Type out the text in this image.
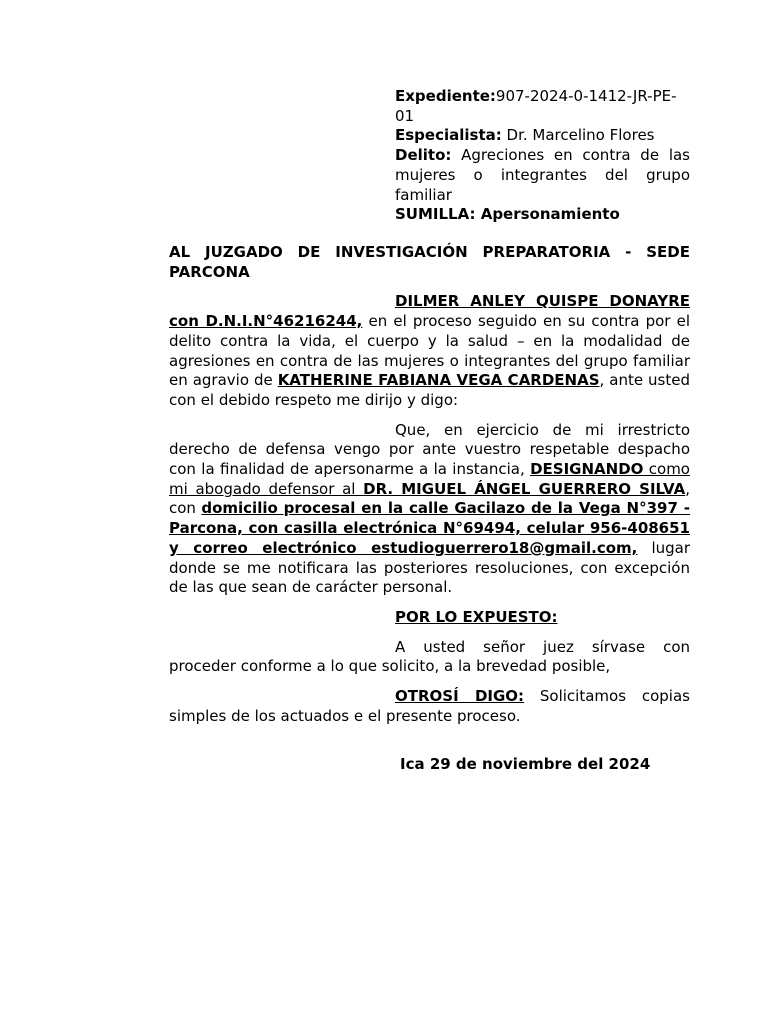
Expediente:907-2024-0-1412-JR-PE-01

Especialista: Dr. Marcelino Flores

Delito: Agreciones en contra de las mujeres o integrantes del grupo familiar

SUMILLA: Apersonamiento

AL JUZGADO DE INVESTIGACIÓN PREPARATORIA - SEDE PARCONA

DILMER ANLEY QUISPE DONAYRE con D.N.I.N°46216244, en el proceso seguido en su contra por el delito contra la vida, el cuerpo y la salud – en la modalidad de agresiones en contra de las mujeres o integrantes del grupo familiar en agravio de KATHERINE FABIANA VEGA CARDENAS, ante usted con el debido respeto me dirijo y digo:

Que, en ejercicio de mi irrestricto derecho de defensa vengo por ante vuestro respetable despacho con la finalidad de apersonarme a la instancia, DESIGNANDO como mi abogado defensor al DR. MIGUEL ÁNGEL GUERRERO SILVA, con domicilio procesal en la calle Gacilazo de la Vega N°397 - Parcona, con casilla electrónica N°69494, celular 956-408651 y correo electrónico estudioguerrero18@gmail.com, lugar donde se me notificara las posteriores resoluciones, con excepción de las que sean de carácter personal.

POR LO EXPUESTO:

A usted señor juez sírvase con proceder conforme a lo que solicito, a la brevedad posible,

OTROSÍ DIGO: Solicitamos copias simples de los actuados e el presente proceso.

Ica 29 de noviembre del 2024
